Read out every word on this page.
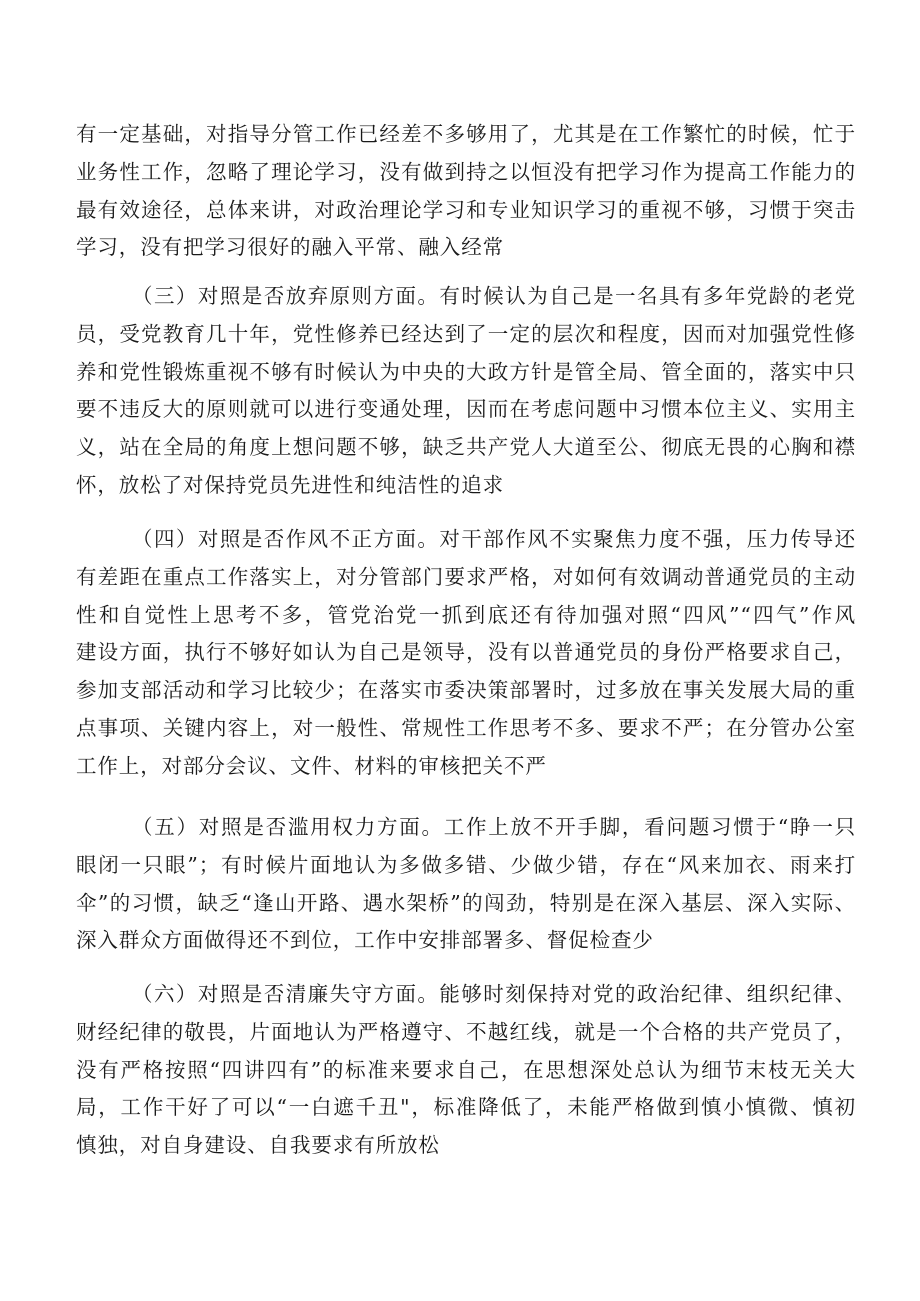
有一定基础，对指导分管工作已经差不多够用了，尤其是在工作繁忙的时候，忙于
业务性工作，忽略了理论学习，没有做到持之以恒没有把学习作为提高工作能力的
最有效途径，总体来讲，对政治理论学习和专业知识学习的重视不够，习惯于突击
学习，没有把学习很好的融入平常、融入经常
（三）对照是否放弃原则方面。有时候认为自己是一名具有多年党龄的老党
员，受党教育几十年，党性修养已经达到了一定的层次和程度，因而对加强党性修
养和党性锻炼重视不够有时候认为中央的大政方针是管全局、管全面的，落实中只
要不违反大的原则就可以进行变通处理，因而在考虑问题中习惯本位主义、实用主
义，站在全局的角度上想问题不够，缺乏共产党人大道至公、彻底无畏的心胸和襟
怀，放松了对保持党员先进性和纯洁性的追求
（四）对照是否作风不正方面。对干部作风不实聚焦力度不强，压力传导还
有差距在重点工作落实上，对分管部门要求严格，对如何有效调动普通党员的主动
性和自觉性上思考不多，管党治党一抓到底还有待加强对照“四风”“四气”作风
建设方面，执行不够好如认为自己是领导，没有以普通党员的身份严格要求自己，
参加支部活动和学习比较少；在落实市委决策部署时，过多放在事关发展大局的重
点事项、关键内容上，对一般性、常规性工作思考不多、要求不严；在分管办公室
工作上，对部分会议、文件、材料的审核把关不严
（五）对照是否滥用权力方面。工作上放不开手脚，看问题习惯于“睁一只
眼闭一只眼”；有时候片面地认为多做多错、少做少错，存在“风来加衣、雨来打
伞”的习惯，缺乏“逢山开路、遇水架桥”的闯劲，特别是在深入基层、深入实际、
深入群众方面做得还不到位，工作中安排部署多、督促检查少
（六）对照是否清廉失守方面。能够时刻保持对党的政治纪律、组织纪律、
财经纪律的敬畏，片面地认为严格遵守、不越红线，就是一个合格的共产党员了，
没有严格按照“四讲四有”的标准来要求自己，在思想深处总认为细节末枝无关大
局，工作干好了可以“一白遮千丑"，标准降低了，未能严格做到慎小慎微、慎初
慎独，对自身建设、自我要求有所放松
